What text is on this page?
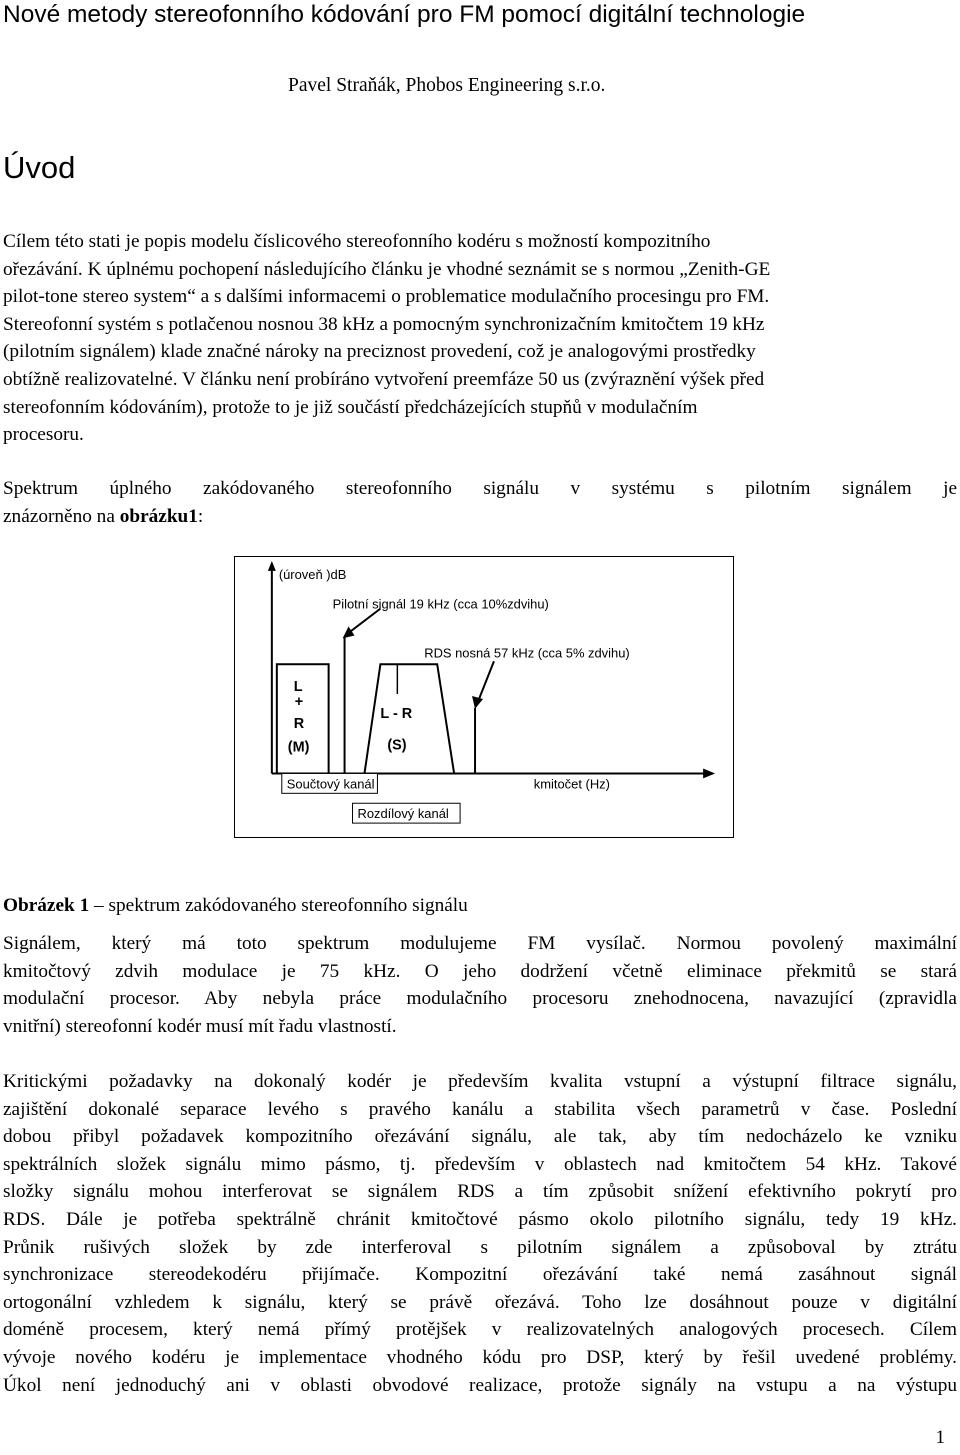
Nové metody stereofonního kódování pro FM pomocí digitální technologie
Pavel Straňák, Phobos Engineering s.r.o.
Úvod
Cílem této stati je popis modelu číslicového stereofonního kodéru s možností kompozitního
ořezávání. K úplnému pochopení následujícího článku je vhodné seznámit se s normou „Zenith-GE
pilot-tone stereo system“ a s dalšími informacemi o problematice modulačního procesingu pro FM.
Stereofonní systém s potlačenou nosnou 38 kHz a pomocným synchronizačním kmitočtem 19 kHz
(pilotním signálem) klade značné nároky na preciznost provedení, což je analogovými prostředky
obtížně realizovatelné. V článku není probíráno vytvoření preemfáze 50 us (zvýraznění výšek před
stereofonním kódováním), protože to je již součástí předcházejících stupňů v modulačním
procesoru.
Spektrum úplného zakódovaného stereofonního signálu v systému s pilotním signálem je
znázorněno na obrázku1:
(úroveň )dB
Pilotní signál 19 kHz (cca 10%zdvihu)
RDS nosná 57 kHz (cca 5% zdvihu)
L
+
R
(M)
L - R
(S)
kmitočet (Hz)
Součtový kanál
Rozdílový kanál
Obrázek 1 – spektrum zakódovaného stereofonního signálu
Signálem, který má toto spektrum modulujeme FM vysílač. Normou povolený maximální
kmitočtový zdvih modulace je 75 kHz. O jeho dodržení včetně eliminace překmitů se stará
modulační procesor. Aby nebyla práce modulačního procesoru znehodnocena, navazující (zpravidla
vnitřní) stereofonní kodér musí mít řadu vlastností.
Kritickými požadavky na dokonalý kodér je především kvalita vstupní a výstupní filtrace signálu,
zajištění dokonalé separace levého s pravého kanálu a stabilita všech parametrů v čase. Poslední
dobou přibyl požadavek kompozitního ořezávání signálu, ale tak, aby tím nedocházelo ke vzniku
spektrálních složek signálu mimo pásmo, tj. především v oblastech nad kmitočtem 54 kHz. Takové
složky signálu mohou interferovat se signálem RDS a tím způsobit snížení efektivního pokrytí pro
RDS. Dále je potřeba spektrálně chránit kmitočtové pásmo okolo pilotního signálu, tedy 19 kHz.
Průnik rušivých složek by zde interferoval s pilotním signálem a způsoboval by ztrátu
synchronizace stereodekodéru přijímače. Kompozitní ořezávání také nemá zasáhnout signál
ortogonální vzhledem k signálu, který se právě ořezává. Toho lze dosáhnout pouze v digitální
doméně procesem, který nemá přímý protějšek v realizovatelných analogových procesech. Cílem
vývoje nového kodéru je implementace vhodného kódu pro DSP, který by řešil uvedené problémy.
Úkol není jednoduchý ani v oblasti obvodové realizace, protože signály na vstupu a na výstupu
1
